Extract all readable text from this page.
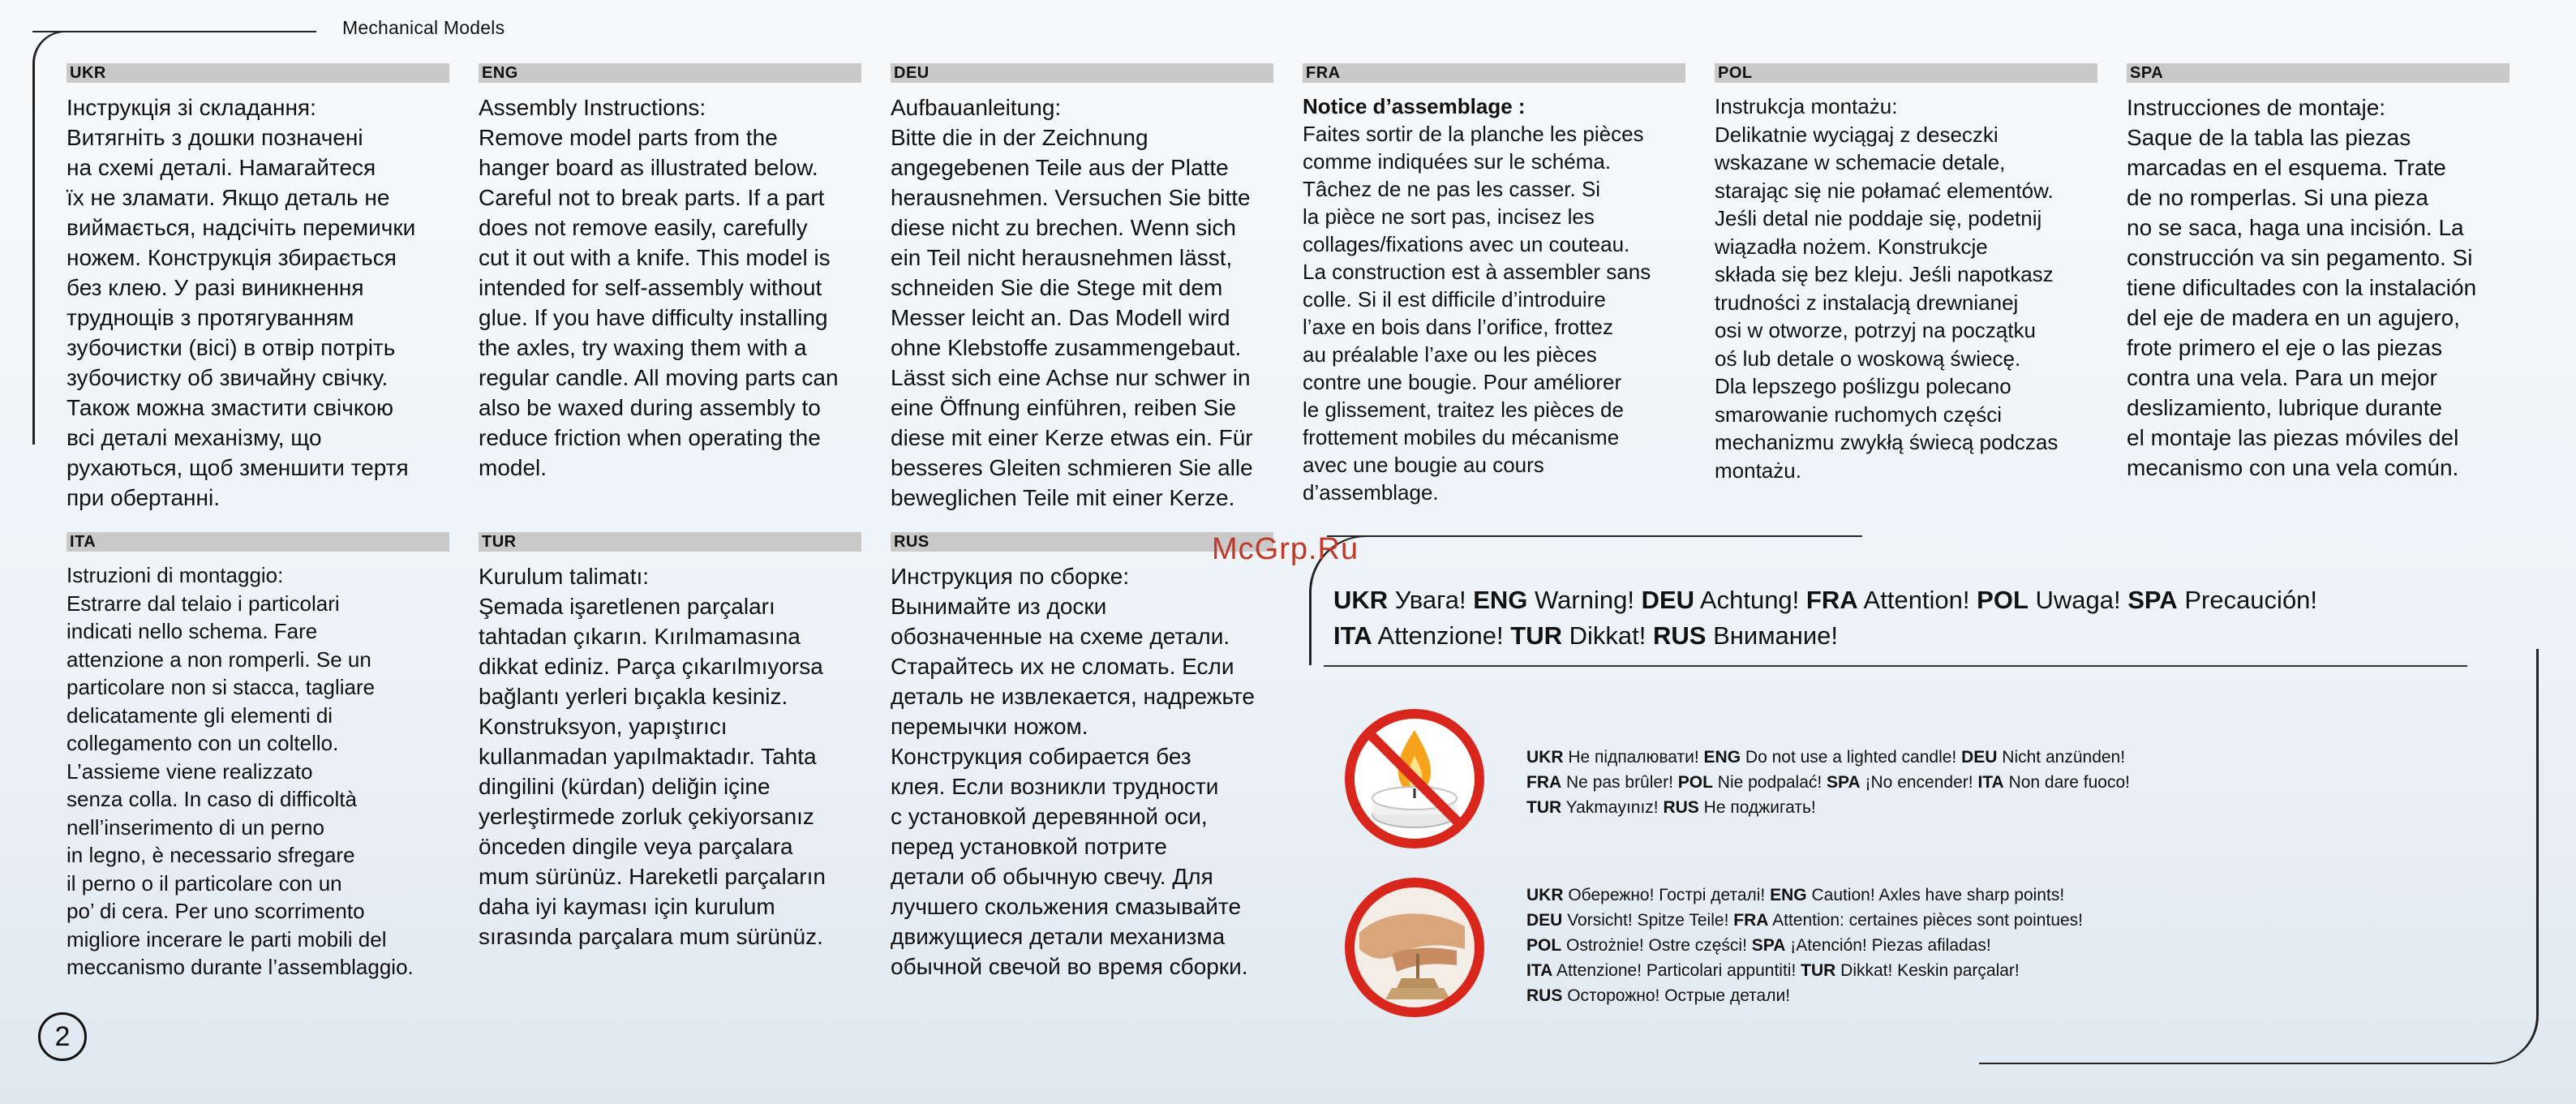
Mechanical Models
UKR
Інструкція зі складання:
Витягніть з дошки позначені
на схемі деталі. Намагайтеся
їх не зламати. Якщо деталь не
виймається, надсічіть перемички
ножем. Конструкція збирається
без клею. У разі виникнення
труднощів з протягуванням
зубочистки (вісі) в отвір потріть
зубочистку об звичайну свічку.
Також можна змастити свічкою
всі деталі механізму, що
рухаються, щоб зменшити тертя
при обертанні.
ENG
Assembly Instructions:
Remove model parts from the
hanger board as illustrated below.
Careful not to break parts. If a part
does not remove easily, carefully
cut it out with a knife. This model is
intended for self-assembly without
glue. If you have difficulty installing
the axles, try waxing them with a
regular candle. All moving parts can
also be waxed during assembly to
reduce friction when operating the
model.
DEU
Aufbauanleitung:
Bitte die in der Zeichnung
angegebenen Teile aus der Platte
herausnehmen. Versuchen Sie bitte
diese nicht zu brechen. Wenn sich
ein Teil nicht herausnehmen lässt,
schneiden Sie die Stege mit dem
Messer leicht an. Das Modell wird
ohne Klebstoffe zusammengebaut.
Lässt sich eine Achse nur schwer in
eine Öffnung einführen, reiben Sie
diese mit einer Kerze etwas ein. Für
besseres Gleiten schmieren Sie alle
beweglichen Teile mit einer Kerze.
FRA
Notice d’assemblage :
Faites sortir de la planche les pièces
comme indiquées sur le schéma.
Tâchez de ne pas les casser. Si
la pièce ne sort pas, incisez les
collages/fixations avec un couteau.
La construction est à assembler sans
colle. Si il est difficile d’introduire
l’axe en bois dans l’orifice, frottez
au préalable l’axe ou les pièces
contre une bougie. Pour améliorer
le glissement, traitez les pièces de
frottement mobiles du mécanisme
avec une bougie au cours
d’assemblage.
POL
Instrukcja montażu:
Delikatnie wyciągaj z deseczki
wskazane w schemacie detale,
starając się nie połamać elementów.
Jeśli detal nie poddaje się, podetnij
wiązadła nożem. Konstrukcje
składa się bez kleju. Jeśli napotkasz
trudności z instalacją drewnianej
osi w otworze, potrzyj na początku
oś lub detale o woskową świecę.
Dla lepszego poślizgu polecano
smarowanie ruchomych części
mechanizmu zwykłą świecą podczas
montażu.
SPA
Instrucciones de montaje:
Saque de la tabla las piezas
marcadas en el esquema. Trate
de no romperlas. Si una pieza
no se saca, haga una incisión. La
construcción va sin pegamento. Si
tiene dificultades con la instalación
del eje de madera en un agujero,
frote primero el eje o las piezas
contra una vela. Para un mejor
deslizamiento, lubrique durante
el montaje las piezas móviles del
mecanismo con una vela común.
ITA
Istruzioni di montaggio:
Estrarre dal telaio i particolari
indicati nello schema. Fare
attenzione a non romperli. Se un
particolare non si stacca, tagliare
delicatamente gli elementi di
collegamento con un coltello.
L’assieme viene realizzato
senza colla. In caso di difficoltà
nell’inserimento di un perno
in legno, è necessario sfregare
il perno o il particolare con un
po’ di cera. Per uno scorrimento
migliore incerare le parti mobili del
meccanismo durante l’assemblaggio.
TUR
Kurulum talimatı:
Şemada işaretlenen parçaları
tahtadan çıkarın. Kırılmamasına
dikkat ediniz. Parça çıkarılmıyorsa
bağlantı yerleri bıçakla kesiniz.
Konstruksyon, yapıştırıcı
kullanmadan yapılmaktadır. Tahta
dingilini (kürdan) deliğin içine
yerleştirmede zorluk çekiyorsanız
önceden dingile veya parçalara
mum sürünüz. Hareketli parçaların
daha iyi kayması için kurulum
sırasında parçalara mum sürünüz.
RUS
Инструкция по сборке:
Вынимайте из доски
обозначенные на схеме детали.
Старайтесь их не сломать. Если
деталь не извлекается, надрежьте
перемычки ножом.
Конструкция собирается без
клея. Если возникли трудности
с установкой деревянной оси,
перед установкой потрите
детали об обычную свечу. Для
лучшего скольжения смазывайте
движущиеся детали механизма
обычной свечой во время сборки.
UKR Увага! ENG Warning! DEU Achtung! FRA Attention! POL Uwaga! SPA Precaución!
ITA Attenzione! TUR Dikkat! RUS Внимание!
UKR Не підпалювати! ENG Do not use a lighted candle! DEU Nicht anzünden!
FRA Ne pas brûler! POL Nie podpalać! SPA ¡No encender! ITA Non dare fuoco!
TUR Yakmayınız! RUS Не поджигать!
UKR Обережно! Гострі деталі! ENG Caution! Axles have sharp points!
DEU Vorsicht! Spitze Teile! FRA Attention: certaines pièces sont pointues!
POL Ostrożnie! Ostre części! SPA ¡Atención! Piezas afiladas!
ITA Attenzione! Particolari appuntiti! TUR Dikkat! Keskin parçalar!
RUS Осторожно! Острые детали!
McGrp.Ru
2
